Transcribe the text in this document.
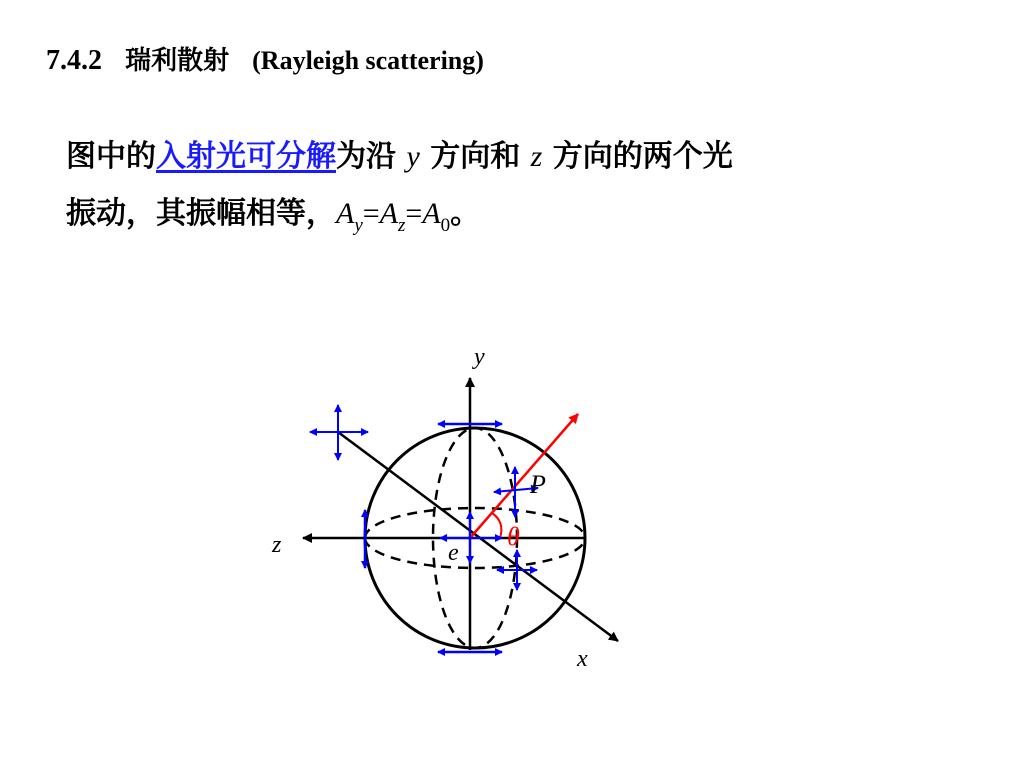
7.4.2 瑞利散射 (Rayleigh scattering)
图中的入射光可分解为沿 y 方向和 z 方向的两个光
振动，其振幅相等，$A_y=A_z=A_0$。
y
z
x
P
e
θ
